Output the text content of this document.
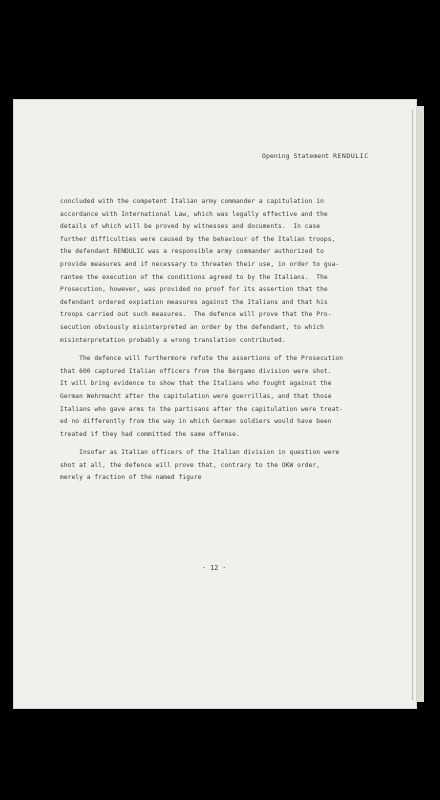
Opening Statement RENDULIC
concluded with the competent Italian army commander a capitulation in
accordance with International Law, which was legally effective and the
details of which will be proved by witnesses and documents.  In case
further difficulties were caused by the behaviour of the Italian troops,
the defendant RENDULIC was a responsible army commander authorized to
provide measures and if necessary to threaten their use, in order to gua-
rantee the execution of the conditions agreed to by the Italians.  The
Prosecution, however, was provided no proof for its assertion that the
defendant ordered expiation measures against the Italians and that his
troops carried out such measures.  The defence will prove that the Pro-
secution obviously misinterpreted an order by the defendant, to which
misinterpretation probably a wrong translation contributed.
The defence will furthermore refute the assertions of the Prosecution
that 600 captured Italian officers from the Bergamo division were shot.
It will bring evidence to show that the Italians who fought against the
German Wehrmacht after the capitulation were guerrillas, and that those
Italians who gave arms to the partisans after the capitulation were treat-
ed no differently from the way in which German soldiers would have been
treated if they had committed the same offense.
Insofar as Italian officers of the Italian division in question were
shot at all, the defence will prove that, contrary to the OKW order,
merely a fraction of the named figure
- 12 -
